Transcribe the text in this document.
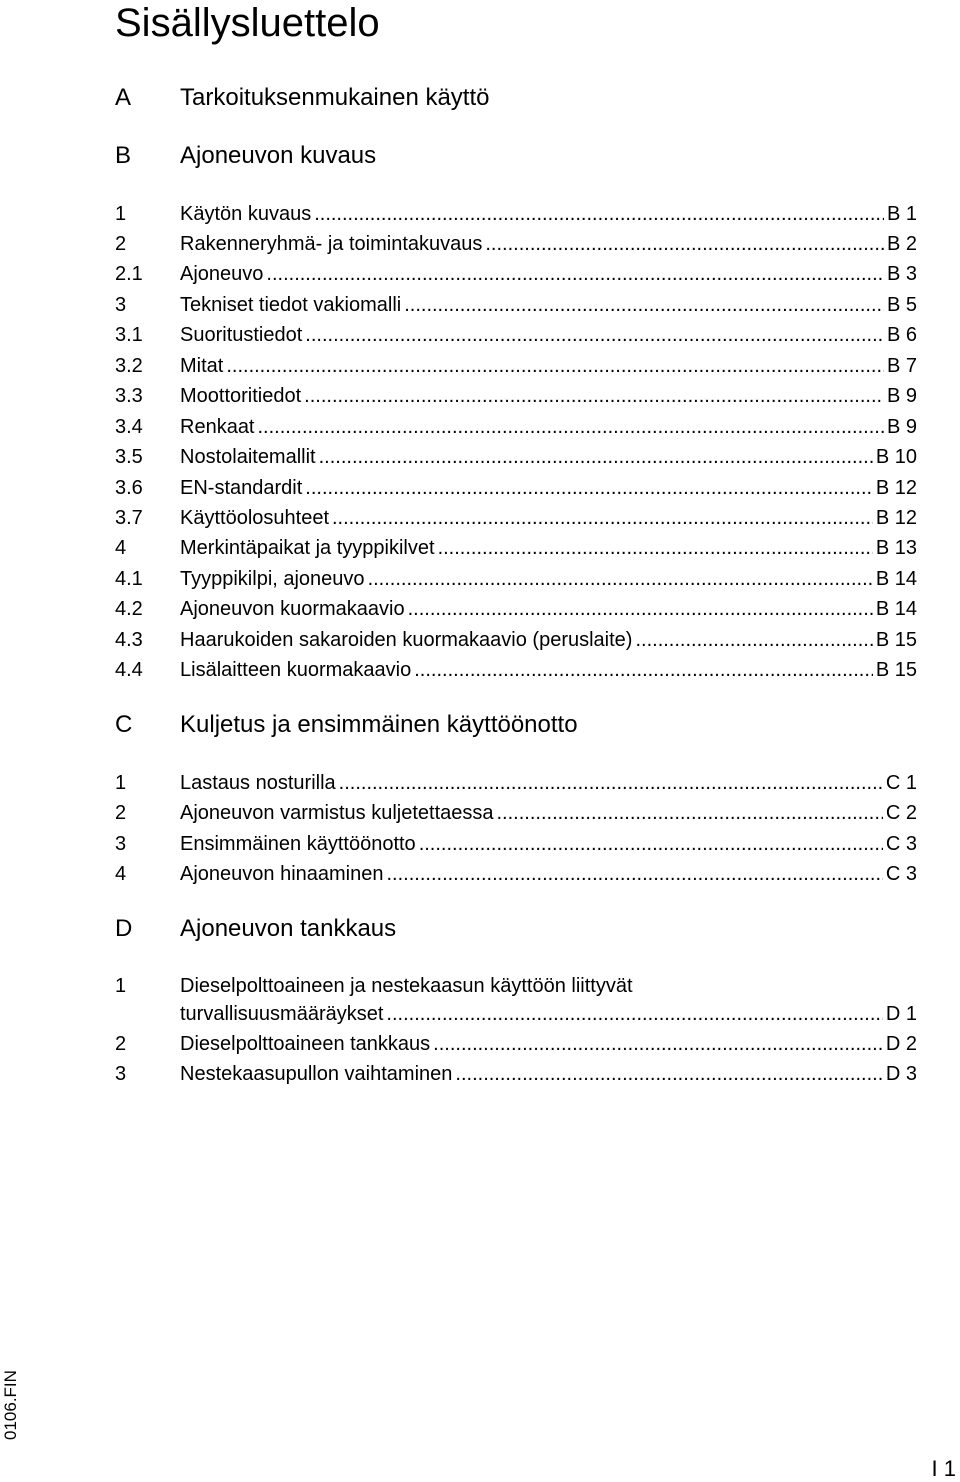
Sisällysluettelo
A Tarkoituksenmukainen käyttö
B Ajoneuvon kuvaus
1	Käytön kuvaus .....	B 1
2	Rakenneryhmä- ja toimintakuvaus .....	B 2
2.1 Ajoneuvo .....	B 3
3	Tekniset tiedot vakiomalli .....	B 5
3.1 Suoritustiedot .....	B 6
3.2 Mitat .....	B 7
3.3 Moottoritiedot .....	B 9
3.4 Renkaat .....	B 9
3.5 Nostolaitemallit .....	B 10
3.6 EN-standardit .....	B 12
3.7 Käyttöolosuhteet .....	B 12
4	Merkintäpaikat ja tyyppikilvet .....	B 13
4.1 Tyyppikilpi, ajoneuvo .....	B 14
4.2 Ajoneuvon kuormakaavio .....	B 14
4.3 Haarukoiden sakaroiden kuormakaavio (peruslaite) .....	B 15
4.4 Lisälaitteen kuormakaavio .....	B 15
C Kuljetus ja ensimmäinen käyttöönotto
1	Lastaus nosturilla .....	C 1
2	Ajoneuvon varmistus kuljetettaessa .....	C 2
3	Ensimmäinen käyttöönotto .....	C 3
4	Ajoneuvon hinaaminen .....	C 3
D Ajoneuvon tankkaus
1	Dieselpolttoaineen ja nestekaasun käyttöön liittyvät
turvallisuusmääräykset .....	D 1
2	Dieselpolttoaineen tankkaus .....	D 2
3	Nestekaasupullon vaihtaminen .....	D 3
0106.FIN
I 1
